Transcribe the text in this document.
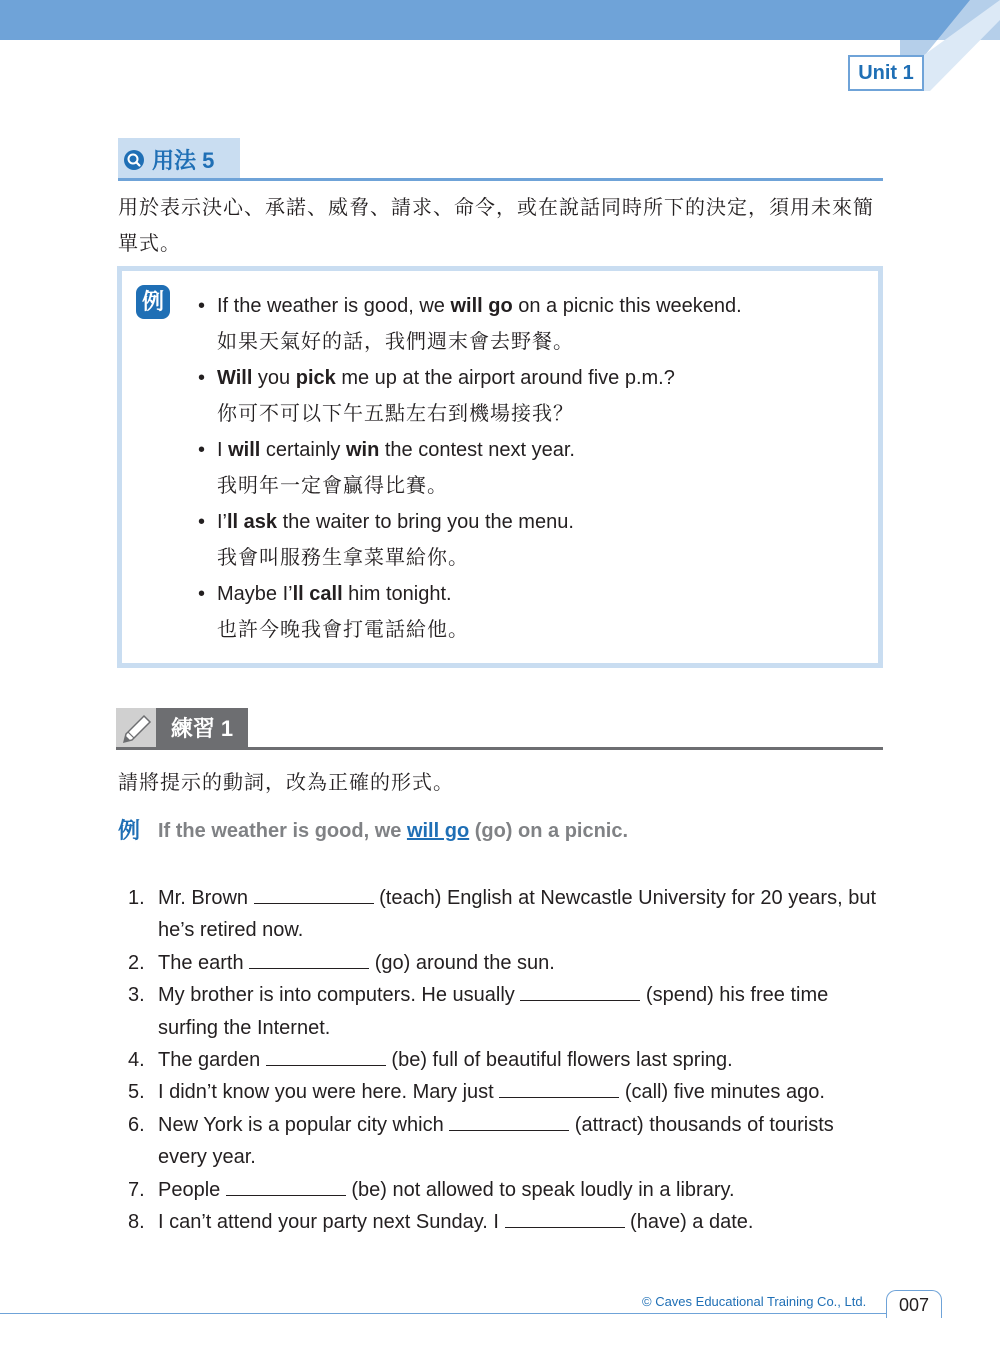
Unit 1
用法 5
用於表示決心、承諾、威脅、請求、命令，或在說話同時所下的決定，須用未來簡單式。
例	• If the weather is good, we will go on a picnic this weekend.
如果天氣好的話，我們週末會去野餐。
• Will you pick me up at the airport around five p.m.?
你可不可以下午五點左右到機場接我？
• I will certainly win the contest next year.
我明年一定會贏得比賽。
• I’ll ask the waiter to bring you the menu.
我會叫服務生拿菜單給你。
• Maybe I’ll call him tonight.
也許今晚我會打電話給他。
練習 1
請將提示的動詞，改為正確的形式。
例 If the weather is good, we will go (go) on a picnic.
1. Mr. Brown	(teach) English at Newcastle University for 20 years, but he’s retired now.
2. The earth	(go) around the sun.
3. My brother is into computers. He usually	(spend) his free time surfing the Internet.
4. The garden	(be) full of beautiful flowers last spring.
5. I didn’t know you were here. Mary just	(call) five minutes ago.
6. New York is a popular city which	(attract) thousands of tourists every year.
7. People	(be) not allowed to speak loudly in a library.
8. I can’t attend your party next Sunday. I	(have) a date.
© Caves Educational Training Co., Ltd.	007
